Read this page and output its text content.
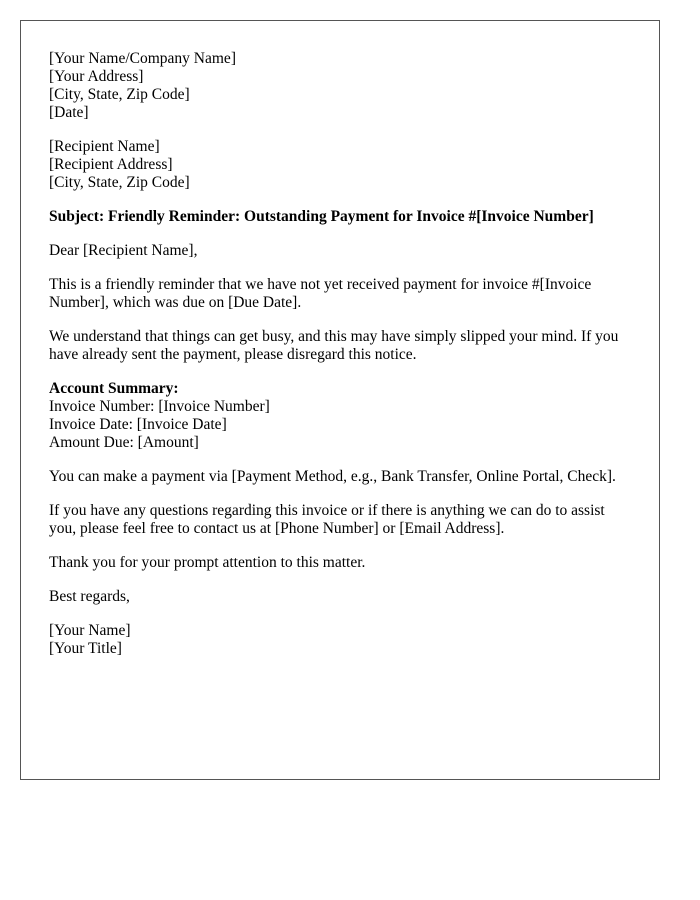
[Your Name/Company Name]
[Your Address]
[City, State, Zip Code]
[Date]
[Recipient Name]
[Recipient Address]
[City, State, Zip Code]

Subject: Friendly Reminder: Outstanding Payment for Invoice #[Invoice Number]

Dear [Recipient Name],

This is a friendly reminder that we have not yet received payment for invoice #[Invoice Number], which was due on [Due Date].

We understand that things can get busy, and this may have simply slipped your mind. If you have already sent the payment, please disregard this notice.

Account Summary:
Invoice Number: [Invoice Number]
Invoice Date: [Invoice Date]
Amount Due: [Amount]

You can make a payment via [Payment Method, e.g., Bank Transfer, Online Portal, Check].

If you have any questions regarding this invoice or if there is anything we can do to assist you, please feel free to contact us at [Phone Number] or [Email Address].

Thank you for your prompt attention to this matter.

Best regards,

[Your Name]
[Your Title]
